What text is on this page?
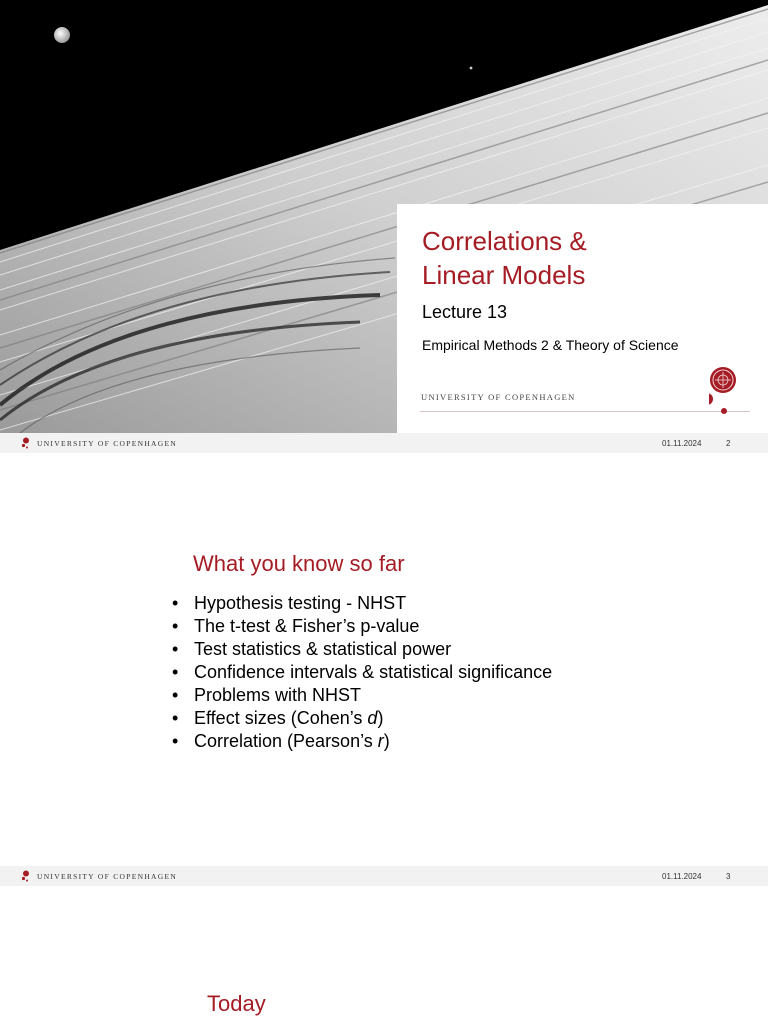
Correlations &
Linear Models
Lecture 13
Empirical Methods 2 & Theory of Science
UNIVERSITY OF COPENHAGEN
UNIVERSITY OF COPENHAGEN	01.11.2024	2
What you know so far
• Hypothesis testing - NHST
• The t-test & Fisher’s p-value
• Test statistics & statistical power
• Confidence intervals & statistical significance
• Problems with NHST
• Effect sizes (Cohen’s d)
• Correlation (Pearson’s r)
UNIVERSITY OF COPENHAGEN	01.11.2024	3
Today
